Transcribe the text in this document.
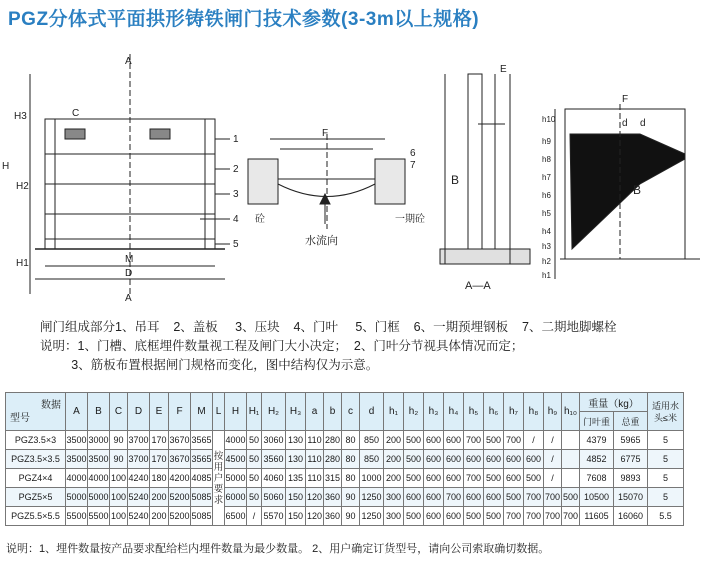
PGZ分体式平面拱形铸铁闸门技术参数(3-3m以上规格)
A
A
H3	C
H
H2
H1	M
D
1
2
3
4
5
F
6
7
砼	一期砼
水流向
E
B
A—A
F
d d
B
h10
h9
h8
h7
h6
h5
h4
h3
h2
h1
闸门组成部分1、吊耳    2、盖板     3、压块    4、门叶     5、门框    6、一期预埋钢板    7、二期地脚螺栓
说明：1、门槽、底框埋件数量视工程及闸门大小决定；  2、门叶分节视具体情况而定；
3、筋板布置根据闸门规格而变化，图中结构仅为示意。
数据
型号	A	B	C	D	E	F	M	L	H	H₁	H₂	H₃	a	b	c	d	h₁	h₂	h₃	h₄	h₅	h₆	h₇	h₈	h₉	h₁₀	重量（kg）		适用水头≤米
																											门叶重	总重	
PGZ3.5×3	3500	3000	90	3700	170	3670	3565	按用户要求	4000	50	3060	130	110	280	80	850	200	500	600	600	700	500	700	/	/		4379	5965	5
PGZ3.5×3.5	3500	3500	90	3700	170	3670	3565		4500	50	3560	130	110	280	80	850	200	500	600	600	600	600	600	600	/		4852	6775	5
PGZ4×4	4000	4000	100	4240	180	4200	4085		5000	50	4060	135	110	315	80	1000	200	500	600	600	700	500	600	500	/		7608	9893	5
PGZ5×5	5000	5000	100	5240	200	5200	5085		6000	50	5060	150	120	360	90	1250	300	600	600	700	600	600	500	700	700	500	10500	15070	5
PGZ5.5×5.5	5500	5500	100	5240	200	5200	5085		6500	/	5570	150	120	360	90	1250	300	500	600	600	500	500	700	700	700	700	11605	16060	5.5
说明：1、埋件数量按产品要求配给栏内埋件数量为最少数量。 2、用户确定订货型号，请向公司索取确切数据。
